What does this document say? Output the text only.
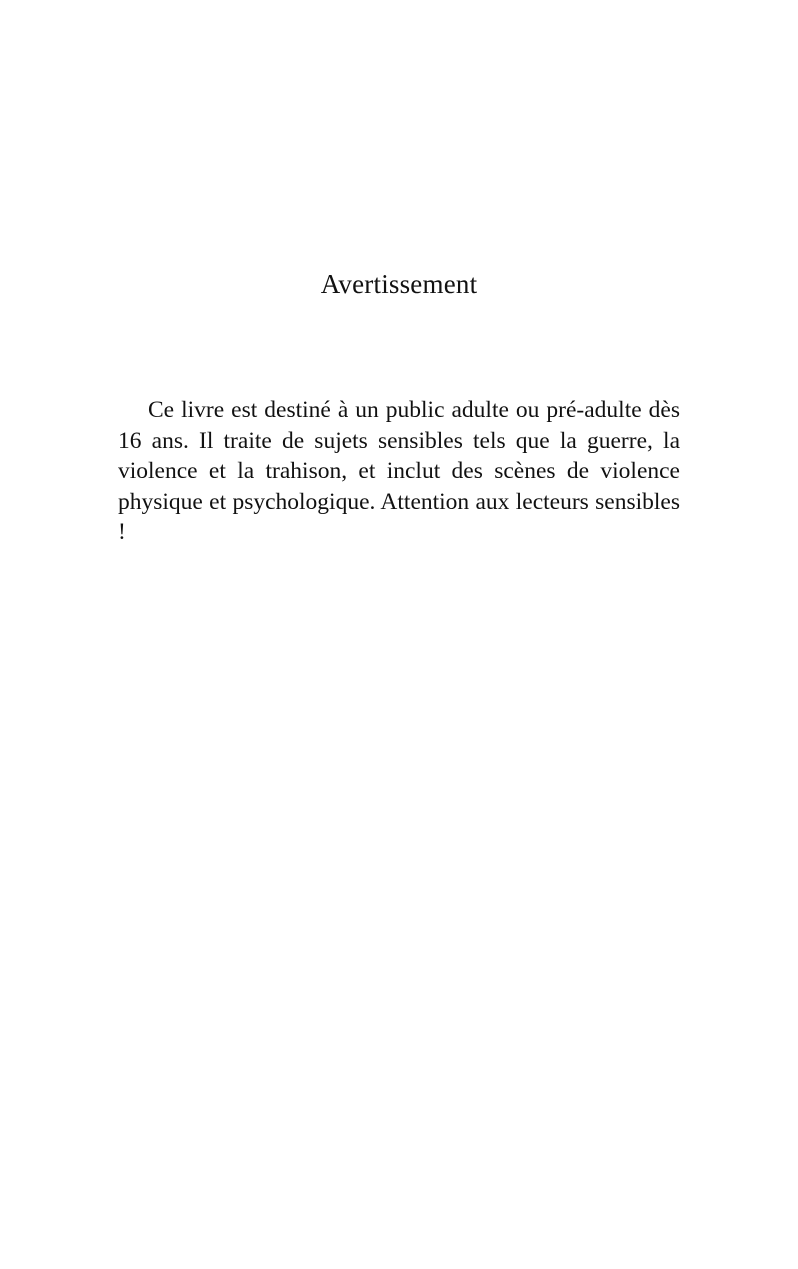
Avertissement

Ce livre est destiné à un public adulte ou pré-adulte dès 16 ans. Il traite de sujets sensibles tels que la guerre, la violence et la trahison, et inclut des scènes de violence physique et psychologique. Attention aux lecteurs sensibles !
